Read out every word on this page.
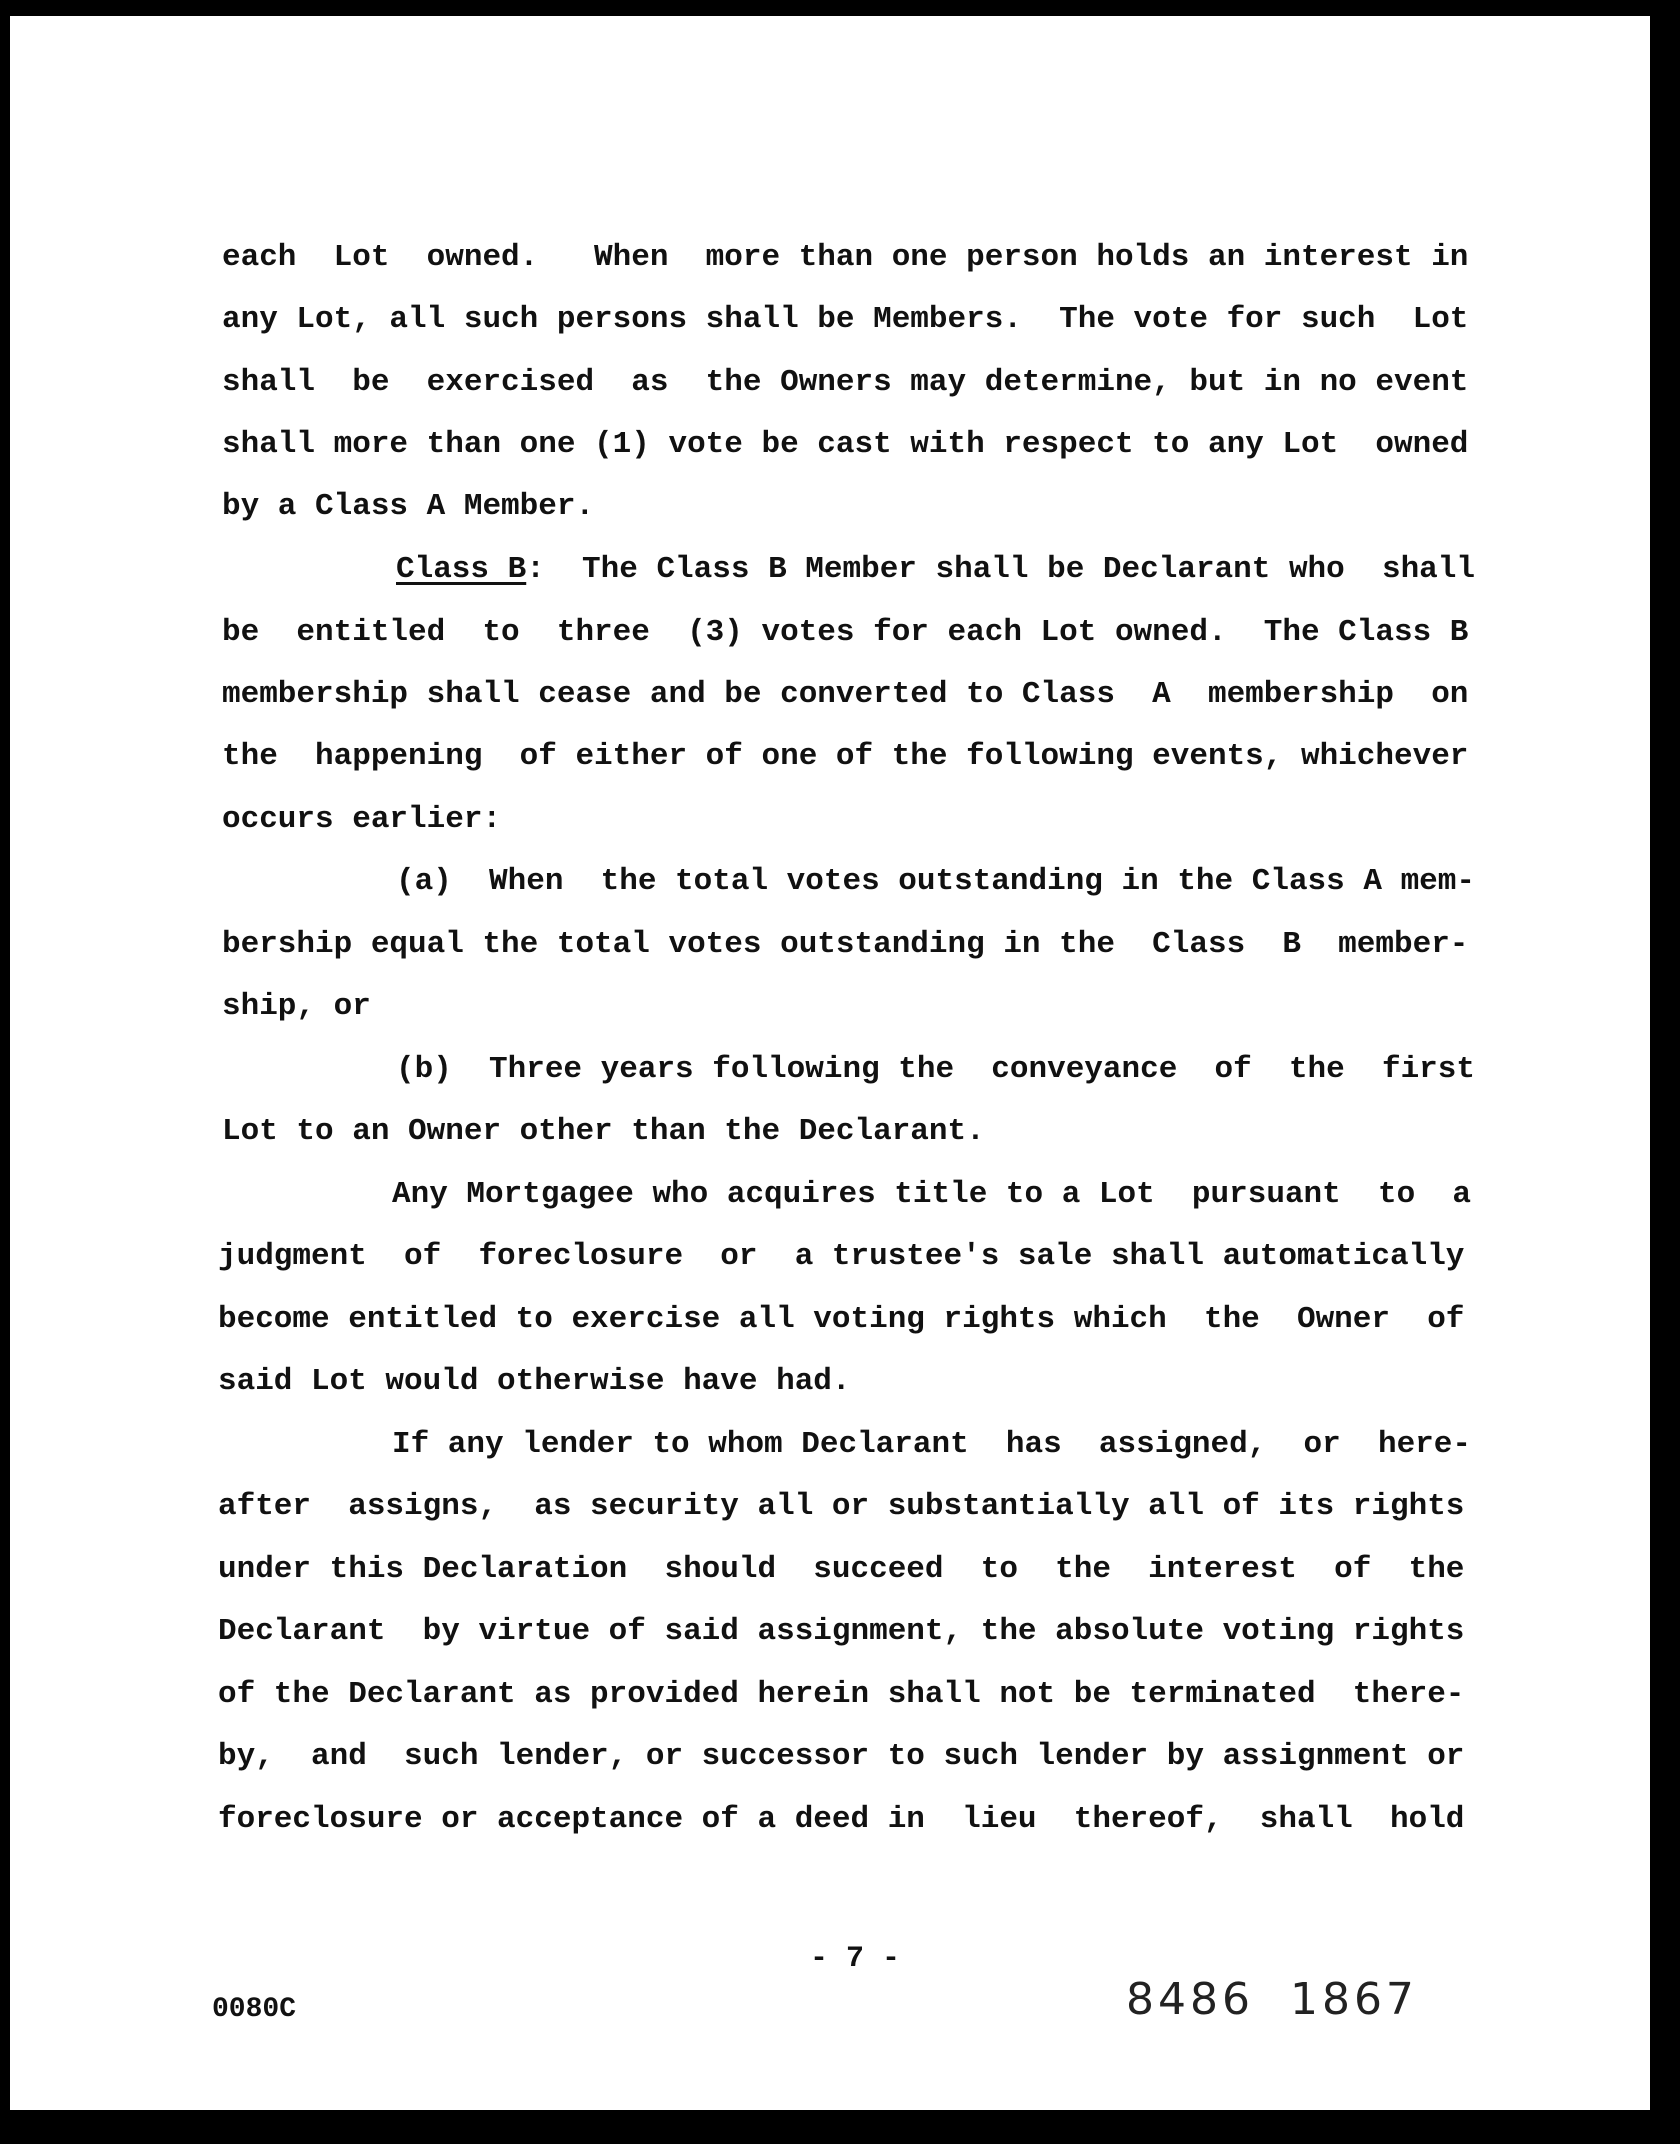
each  Lot  owned.   When  more than one person holds an interest in

any Lot, all such persons shall be Members.  The vote for such  Lot

shall  be  exercised  as  the Owners may determine, but in no event

shall more than one (1) vote be cast with respect to any Lot  owned

by a Class A Member.

Class B:  The Class B Member shall be Declarant who  shall

be  entitled  to  three  (3) votes for each Lot owned.  The Class B

membership shall cease and be converted to Class  A  membership  on

the  happening  of either of one of the following events, whichever

occurs earlier:

(a)  When  the total votes outstanding in the Class A mem-

bership equal the total votes outstanding in the  Class  B  member-

ship, or

(b)  Three years following the  conveyance  of  the  first

Lot to an Owner other than the Declarant.

Any Mortgagee who acquires title to a Lot  pursuant  to  a

judgment  of  foreclosure  or  a trustee's sale shall automatically

become entitled to exercise all voting rights which  the  Owner  of

said Lot would otherwise have had.

If any lender to whom Declarant  has  assigned,  or  here-

after  assigns,  as security all or substantially all of its rights

under this Declaration  should  succeed  to  the  interest  of  the

Declarant  by virtue of said assignment, the absolute voting rights

of the Declarant as provided herein shall not be terminated  there-

by,  and  such lender, or successor to such lender by assignment or

foreclosure or acceptance of a deed in  lieu  thereof,  shall  hold

- 7 -
0080C	8486  1867
